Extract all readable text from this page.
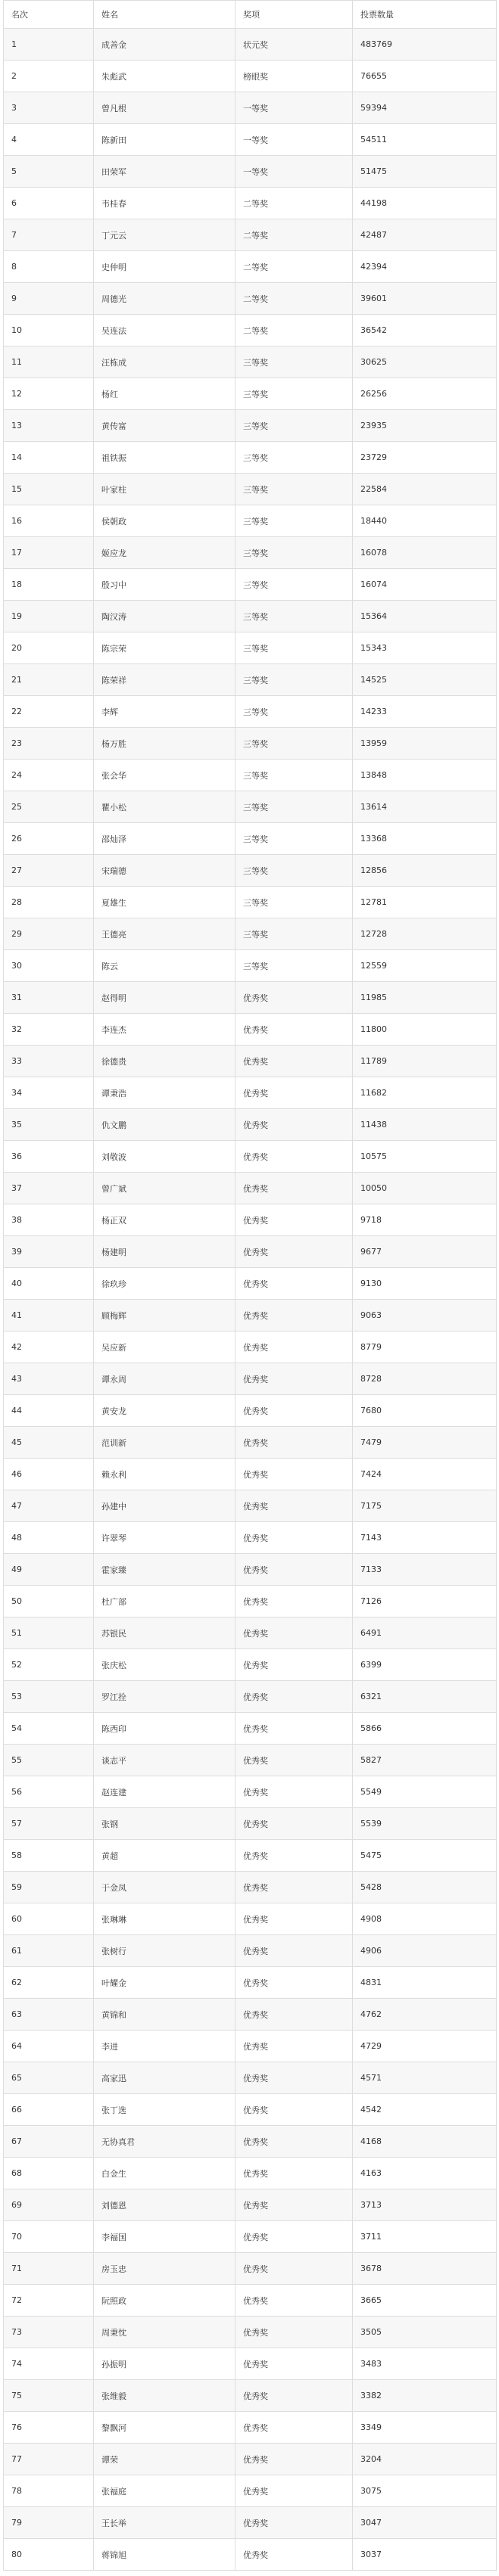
名次	姓名	奖项	投票数量
1	成善金	状元奖	483769
2	朱彪武	榜眼奖	76655
3	曾凡根	一等奖	59394
4	陈新田	一等奖	54511
5	田荣军	一等奖	51475
6	韦桂春	二等奖	44198
7	丁元云	二等奖	42487
8	史仲明	二等奖	42394
9	周德光	二等奖	39601
10	吴连法	二等奖	36542
11	汪栋成	三等奖	30625
12	杨红	三等奖	26256
13	黄传富	三等奖	23935
14	祖铁振	三等奖	23729
15	叶家柱	三等奖	22584
16	侯朝政	三等奖	18440
17	姬应龙	三等奖	16078
18	殷习中	三等奖	16074
19	陶汉涛	三等奖	15364
20	陈宗荣	三等奖	15343
21	陈荣祥	三等奖	14525
22	李辉	三等奖	14233
23	杨万胜	三等奖	13959
24	张会华	三等奖	13848
25	瞿小松	三等奖	13614
26	邵灿泽	三等奖	13368
27	宋瑞德	三等奖	12856
28	夏雄生	三等奖	12781
29	王德亮	三等奖	12728
30	陈云	三等奖	12559
31	赵得明	优秀奖	11985
32	李连杰	优秀奖	11800
33	徐德贵	优秀奖	11789
34	谭秉浩	优秀奖	11682
35	仇文鹏	优秀奖	11438
36	刘敬波	优秀奖	10575
37	曾广斌	优秀奖	10050
38	杨正双	优秀奖	9718
39	杨建明	优秀奖	9677
40	徐玖珍	优秀奖	9130
41	顾梅辉	优秀奖	9063
42	吴应新	优秀奖	8779
43	谭永周	优秀奖	8728
44	黄安龙	优秀奖	7680
45	范训新	优秀奖	7479
46	赖永利	优秀奖	7424
47	孙建中	优秀奖	7175
48	许翠琴	优秀奖	7143
49	霍家臻	优秀奖	7133
50	杜广部	优秀奖	7126
51	苏银民	优秀奖	6491
52	张庆松	优秀奖	6399
53	罗江拴	优秀奖	6321
54	陈西印	优秀奖	5866
55	谈志平	优秀奖	5827
56	赵连建	优秀奖	5549
57	张钢	优秀奖	5539
58	黄超	优秀奖	5475
59	于金凤	优秀奖	5428
60	张琳琳	优秀奖	4908
61	张树行	优秀奖	4906
62	叶耀金	优秀奖	4831
63	黄锦和	优秀奖	4762
64	李进	优秀奖	4729
65	高家迅	优秀奖	4571
66	张丁选	优秀奖	4542
67	无协真君	优秀奖	4168
68	白金生	优秀奖	4163
69	刘德恩	优秀奖	3713
70	李福国	优秀奖	3711
71	房玉忠	优秀奖	3678
72	阮照政	优秀奖	3665
73	周秉忱	优秀奖	3505
74	孙振明	优秀奖	3483
75	张维毅	优秀奖	3382
76	黎飘河	优秀奖	3349
77	谭荣	优秀奖	3204
78	张福庭	优秀奖	3075
79	王长举	优秀奖	3047
80	蒋锦旭	优秀奖	3037
